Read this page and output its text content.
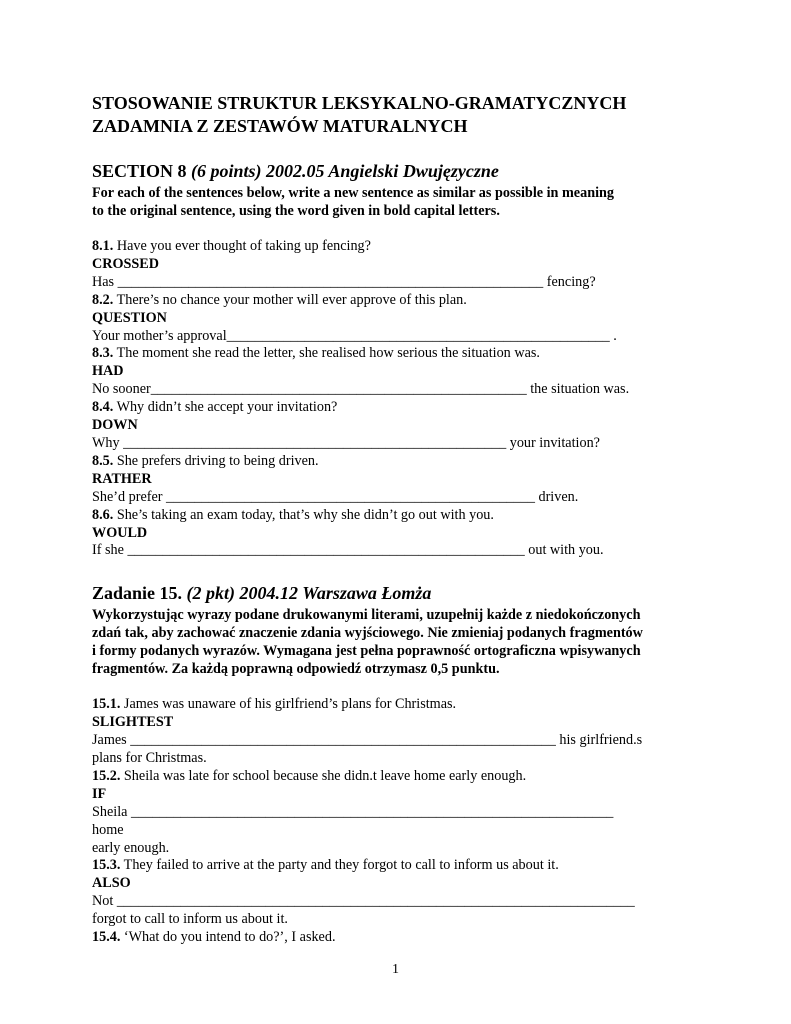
STOSOWANIE STRUKTUR LEKSYKALNO-GRAMATYCZNYCH

ZADAMNIA Z ZESTAWÓW MATURALNYCH

SECTION 8 (6 points) 2002.05 Angielski Dwujęzyczne

For each of the sentences below, write a new sentence as similar as possible in meaning
to the original sentence, using the word given in bold capital letters.

8.1. Have you ever thought of taking up fencing?
CROSSED
Has ____________________________________________________________ fencing?
8.2. There’s no chance your mother will ever approve of this plan.
QUESTION
Your mother’s approval______________________________________________________ .
8.3. The moment she read the letter, she realised how serious the situation was.
HAD
No sooner_____________________________________________________ the situation was.
8.4. Why didn’t she accept your invitation?
DOWN
Why ______________________________________________________ your invitation?
8.5. She prefers driving to being driven.
RATHER
She’d prefer ____________________________________________________ driven.
8.6. She’s taking an exam today, that’s why she didn’t go out with you.
WOULD
If she ________________________________________________________ out with you.

Zadanie 15. (2 pkt) 2004.12 Warszawa Łomża

Wykorzystując wyrazy podane drukowanymi literami, uzupełnij każde z niedokończonych
zdań tak, aby zachować znaczenie zdania wyjściowego. Nie zmieniaj podanych fragmentów
i formy podanych wyrazów. Wymagana jest pełna poprawność ortograficzna wpisywanych
fragmentów. Za każdą poprawną odpowiedź otrzymasz 0,5 punktu.

15.1. James was unaware of his girlfriend’s plans for Christmas.
SLIGHTEST
James ____________________________________________________________ his girlfriend.s
plans for Christmas.
15.2. Sheila was late for school because she didn.t leave home early enough.
IF
Sheila ____________________________________________________________________
home
early enough.
15.3. They failed to arrive at the party and they forgot to call to inform us about it.
ALSO
Not _________________________________________________________________________
forgot to call to inform us about it.
15.4. ‘What do you intend to do?’, I asked.
1
